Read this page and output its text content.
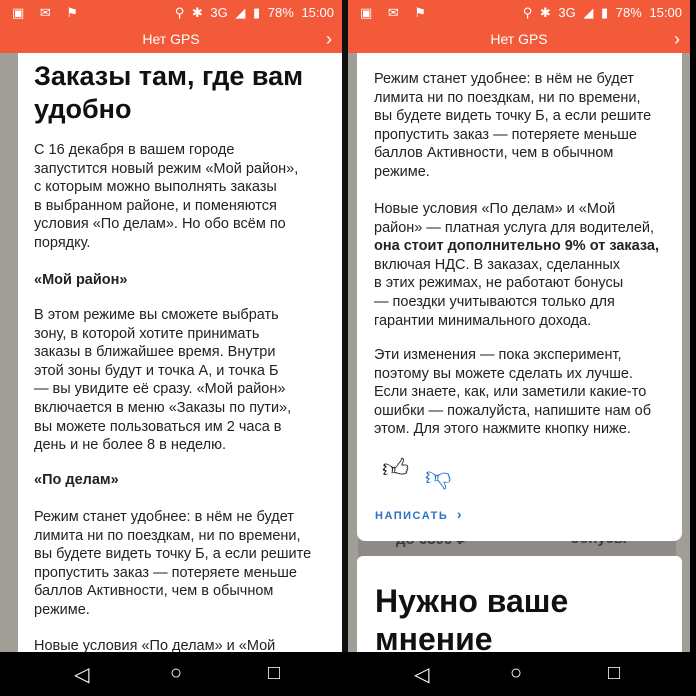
▣ ✉ ⚑	⚲ ✱ 3G ◢ ▮ 78% 15:00
Нет GPS	›

Заказы там, где вам

удобно

С 16 декабря в вашем городе

запустится новый режим «Мой район»,

с которым можно выполнять заказы

в выбранном районе, и поменяются

условия «По делам». Но обо всём по

порядку.

«Мой район»

В этом режиме вы сможете выбрать

зону, в которой хотите принимать

заказы в ближайшее время. Внутри

этой зоны будут и точка А, и точка Б

— вы увидите её сразу. «Мой район»

включается в меню «Заказы по пути»,

вы можете пользоваться им 2 часа в

день и не более 8 в неделю.

«По делам»

Режим станет удобнее: в нём не будет

лимита ни по поездкам, ни по времени,

вы будете видеть точку Б, а если решите

пропустить заказ — потеряете меньше

баллов Активности, чем в обычном

режиме.

Новые условия «По делам» и «Мой

▣ ✉ ⚑	⚲ ✱ 3G ◢ ▮ 78% 15:00
Нет GPS	›

Режим станет удобнее: в нём не будет

лимита ни по поездкам, ни по времени,

вы будете видеть точку Б, а если решите

пропустить заказ — потеряете меньше

баллов Активности, чем в обычном

режиме.

Новые условия «По делам» и «Мой

район» — платная услуга для водителей,

она стоит дополнительно 9% от заказа,

включая НДС. В заказах, сделанных

в этих режимах, не работают бонусы

— поездки учитываются только для

гарантии минимального дохода.

Эти изменения — пока эксперимент,

поэтому вы можете сделать их лучше.

Если знаете, как, или заметили какие-то

ошибки — пожалуйста, напишите нам об

этом. Для этого нажмите кнопку ниже.

👍︎ 👎︎
НАПИСАТЬ ›

Нужно ваше

мнение

◁	○	□	◁	○	□
